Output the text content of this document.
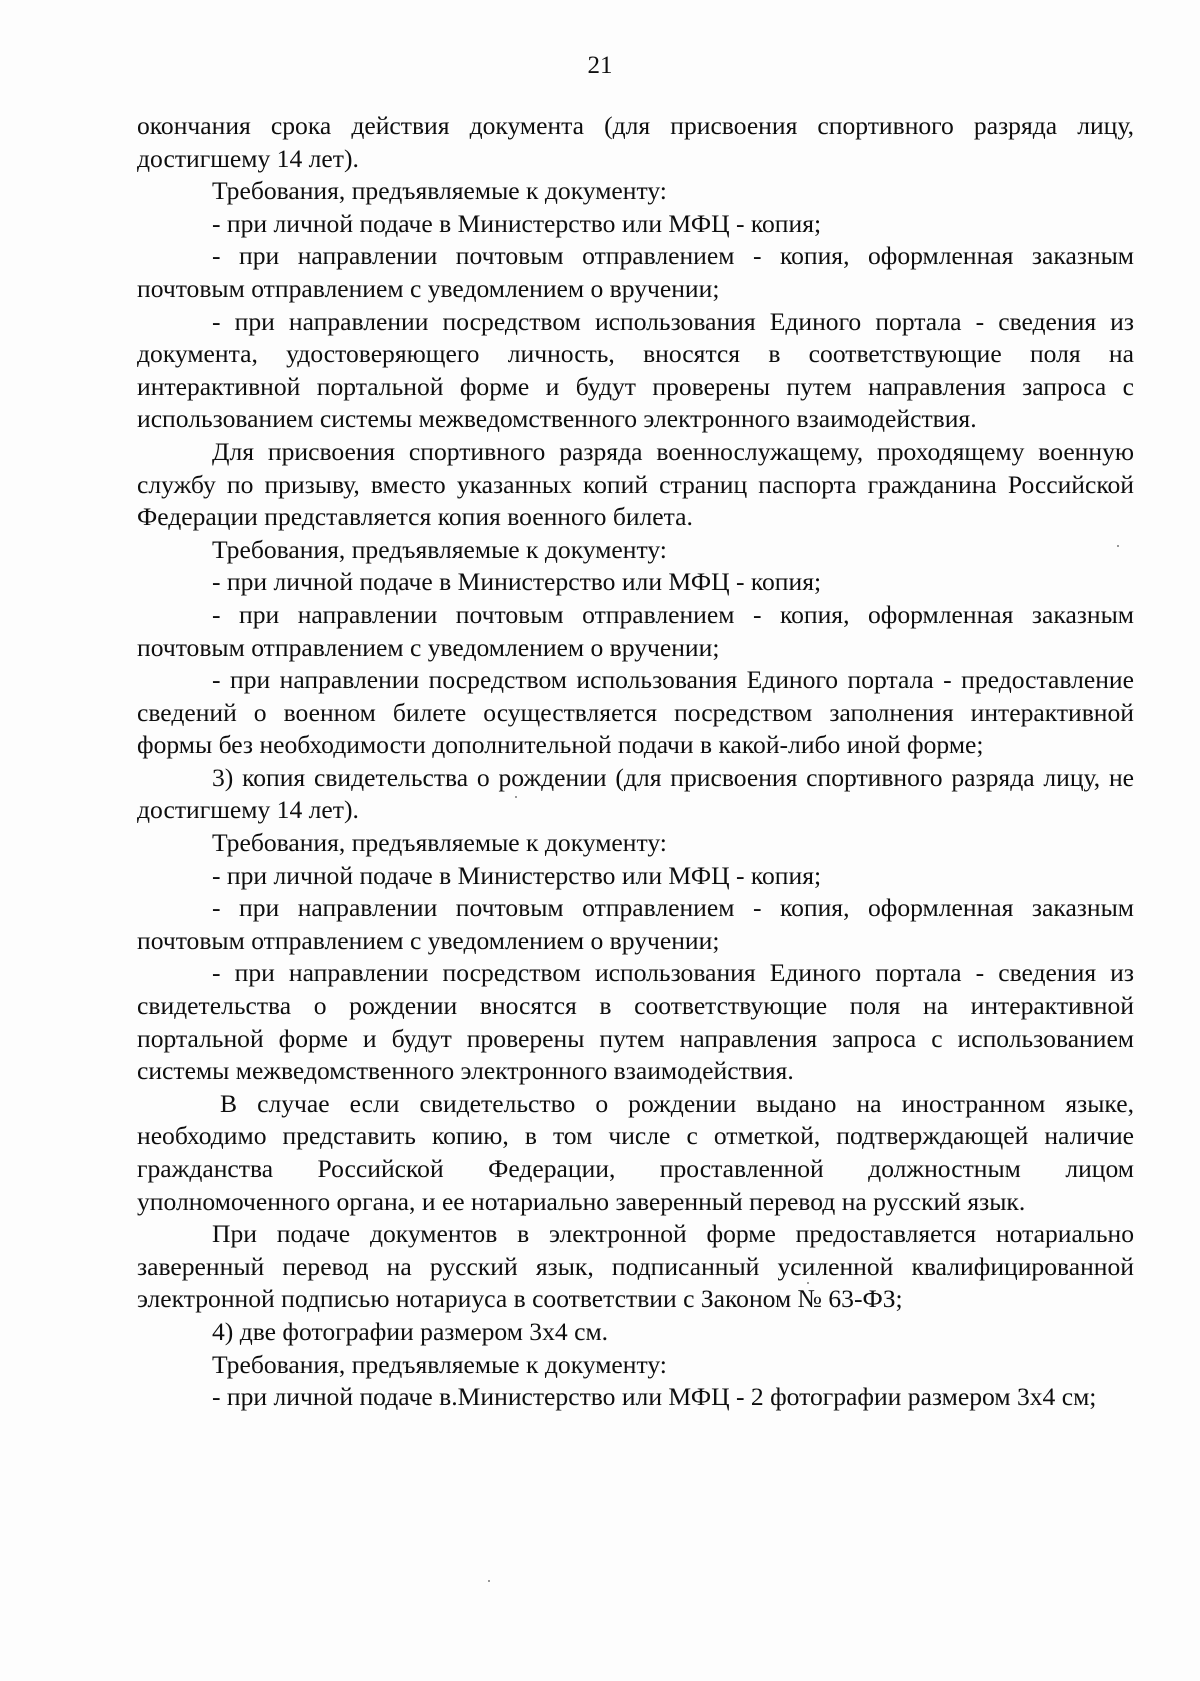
21

окончания срока действия документа (для присвоения спортивного разряда лицу, достигшему 14 лет).

Требования, предъявляемые к документу:

- при личной подаче в Министерство или МФЦ - копия;

- при направлении почтовым отправлением - копия, оформленная заказным почтовым отправлением с уведомлением о вручении;

- при направлении посредством использования Единого портала - сведения из документа, удостоверяющего личность, вносятся в соответствующие поля на интерактивной портальной форме и будут проверены путем направления запроса с использованием системы межведомственного электронного взаимодействия.

Для присвоения спортивного разряда военнослужащему, проходящему военную службу по призыву, вместо указанных копий страниц паспорта гражданина Российской Федерации представляется копия военного билета.

Требования, предъявляемые к документу:

- при личной подаче в Министерство или МФЦ - копия;

- при направлении почтовым отправлением - копия, оформленная заказным почтовым отправлением с уведомлением о вручении;

- при направлении посредством использования Единого портала - предоставление сведений о военном билете осуществляется посредством заполнения интерактивной формы без необходимости дополнительной подачи в какой-либо иной форме;

3) копия свидетельства о рождении (для присвоения спортивного разряда лицу, не достигшему 14 лет).

Требования, предъявляемые к документу:

- при личной подаче в Министерство или МФЦ - копия;

- при направлении почтовым отправлением - копия, оформленная заказным почтовым отправлением с уведомлением о вручении;

- при направлении посредством использования Единого портала - сведения из свидетельства о рождении вносятся в соответствующие поля на интерактивной портальной форме и будут проверены путем направления запроса с использованием системы межведомственного электронного взаимодействия.

В случае если свидетельство о рождении выдано на иностранном языке, необходимо представить копию, в том числе с отметкой, подтверждающей наличие гражданства Российской Федерации, проставленной должностным лицом уполномоченного органа, и ее нотариально заверенный перевод на русский язык.

При подаче документов в электронной форме предоставляется нотариально заверенный перевод на русский язык, подписанный усиленной квалифицированной электронной подписью нотариуса в соответствии с Законом № 63-ФЗ;

4) две фотографии размером 3х4 см.

Требования, предъявляемые к документу:

- при личной подаче в.Министерство или МФЦ - 2 фотографии размером 3х4 см;
